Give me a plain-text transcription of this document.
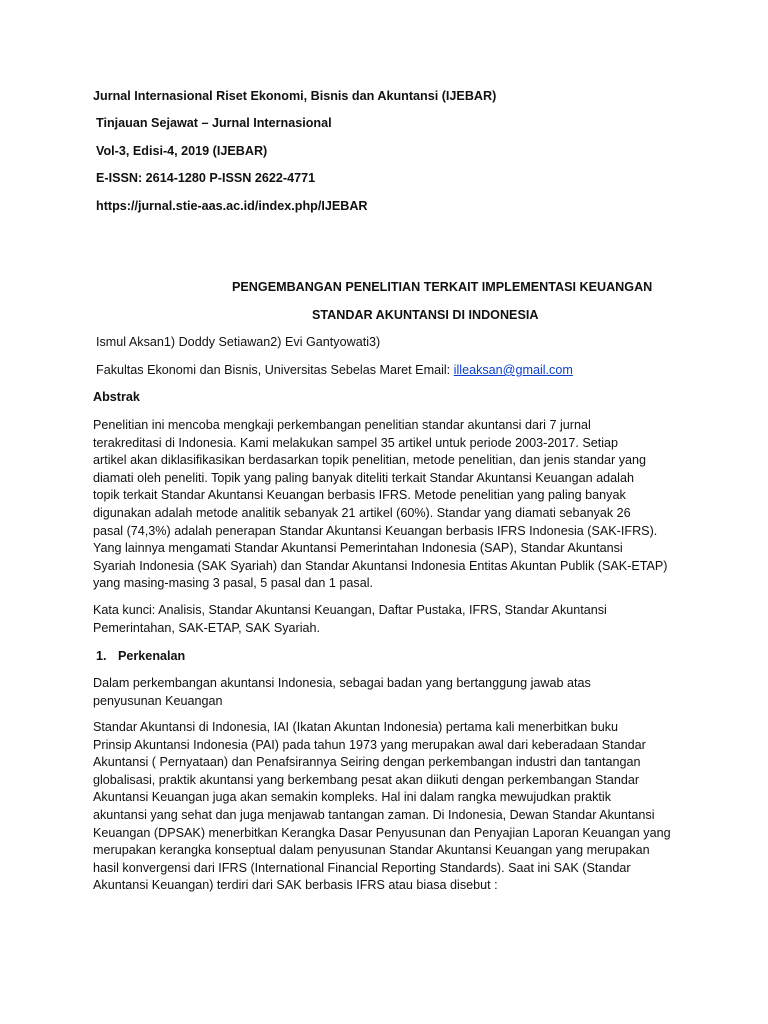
Jurnal Internasional Riset Ekonomi, Bisnis dan Akuntansi (IJEBAR)
Tinjauan Sejawat – Jurnal Internasional
Vol-3, Edisi-4, 2019 (IJEBAR)
E-ISSN: 2614-1280 P-ISSN 2622-4771
https://jurnal.stie-aas.ac.id/index.php/IJEBAR
PENGEMBANGAN PENELITIAN TERKAIT IMPLEMENTASI KEUANGAN
STANDAR AKUNTANSI DI INDONESIA
Ismul Aksan1) Doddy Setiawan2) Evi Gantyowati3)
Fakultas Ekonomi dan Bisnis, Universitas Sebelas Maret Email: illeaksan@gmail.com
Abstrak
Penelitian ini mencoba mengkaji perkembangan penelitian standar akuntansi dari 7 jurnal
terakreditasi di Indonesia. Kami melakukan sampel 35 artikel untuk periode 2003-2017. Setiap
artikel akan diklasifikasikan berdasarkan topik penelitian, metode penelitian, dan jenis standar yang
diamati oleh peneliti. Topik yang paling banyak diteliti terkait Standar Akuntansi Keuangan adalah
topik terkait Standar Akuntansi Keuangan berbasis IFRS. Metode penelitian yang paling banyak
digunakan adalah metode analitik sebanyak 21 artikel (60%). Standar yang diamati sebanyak 26
pasal (74,3%) adalah penerapan Standar Akuntansi Keuangan berbasis IFRS Indonesia (SAK-IFRS).
Yang lainnya mengamati Standar Akuntansi Pemerintahan Indonesia (SAP), Standar Akuntansi
Syariah Indonesia (SAK Syariah) dan Standar Akuntansi Indonesia Entitas Akuntan Publik (SAK-ETAP)
yang masing-masing 3 pasal, 5 pasal dan 1 pasal.
Kata kunci: Analisis, Standar Akuntansi Keuangan, Daftar Pustaka, IFRS, Standar Akuntansi
Pemerintahan, SAK-ETAP, SAK Syariah.
1. Perkenalan
Dalam perkembangan akuntansi Indonesia, sebagai badan yang bertanggung jawab atas
penyusunan Keuangan
Standar Akuntansi di Indonesia, IAI (Ikatan Akuntan Indonesia) pertama kali menerbitkan buku
Prinsip Akuntansi Indonesia (PAI) pada tahun 1973 yang merupakan awal dari keberadaan Standar
Akuntansi ( Pernyataan) dan Penafsirannya Seiring dengan perkembangan industri dan tantangan
globalisasi, praktik akuntansi yang berkembang pesat akan diikuti dengan perkembangan Standar
Akuntansi Keuangan juga akan semakin kompleks. Hal ini dalam rangka mewujudkan praktik
akuntansi yang sehat dan juga menjawab tantangan zaman. Di Indonesia, Dewan Standar Akuntansi
Keuangan (DPSAK) menerbitkan Kerangka Dasar Penyusunan dan Penyajian Laporan Keuangan yang
merupakan kerangka konseptual dalam penyusunan Standar Akuntansi Keuangan yang merupakan
hasil konvergensi dari IFRS (International Financial Reporting Standards). Saat ini SAK (Standar
Akuntansi Keuangan) terdiri dari SAK berbasis IFRS atau biasa disebut :
